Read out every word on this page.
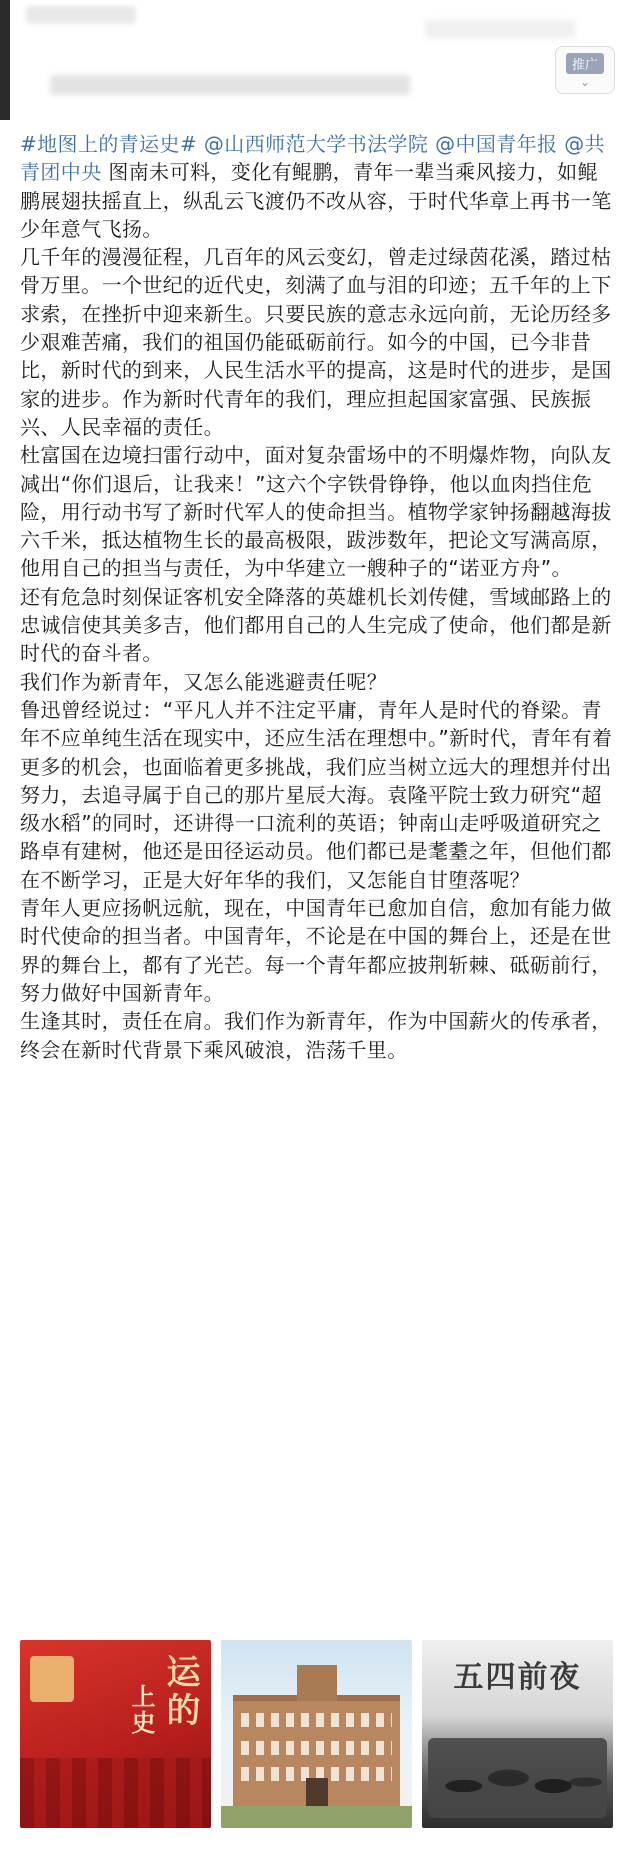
推广
⌄

#地图上的青运史# @山西师范大学书法学院 @中国青年报 @共青团中央 图南未可料，变化有鲲鹏，青年一辈当乘风接力，如鲲鹏展翅扶摇直上，纵乱云飞渡仍不改从容，于时代华章上再书一笔少年意气飞扬。

几千年的漫漫征程，几百年的风云变幻，曾走过绿茵花溪，踏过枯骨万里。一个世纪的近代史，刻满了血与泪的印迹；五千年的上下求索，在挫折中迎来新生。只要民族的意志永远向前，无论历经多少艰难苦痛，我们的祖国仍能砥砺前行。如今的中国，已今非昔比，新时代的到来，人民生活水平的提高，这是时代的进步，是国家的进步。作为新时代青年的我们，理应担起国家富强、民族振兴、人民幸福的责任。

杜富国在边境扫雷行动中，面对复杂雷场中的不明爆炸物，向队友减出“你们退后，让我来！”这六个字铁骨铮铮，他以血肉挡住危险，用行动书写了新时代军人的使命担当。植物学家钟扬翻越海拔六千米，抵达植物生长的最高极限，跋涉数年，把论文写满高原，他用自己的担当与责任，为中华建立一艘种子的“诺亚方舟”。

还有危急时刻保证客机安全降落的英雄机长刘传健，雪域邮路上的忠诚信使其美多吉，他们都用自己的人生完成了使命，他们都是新时代的奋斗者。

我们作为新青年，又怎么能逃避责任呢？

鲁迅曾经说过：“平凡人并不注定平庸，青年人是时代的脊梁。青年不应单纯生活在现实中，还应生活在理想中。”新时代，青年有着更多的机会，也面临着更多挑战，我们应当树立远大的理想并付出努力，去追寻属于自己的那片星辰大海。袁隆平院士致力研究“超级水稻”的同时，还讲得一口流利的英语；钟南山走呼吸道研究之路卓有建树，他还是田径运动员。他们都已是耄耋之年，但他们都在不断学习，正是大好年华的我们，又怎能自甘堕落呢？

青年人更应扬帆远航，现在，中国青年已愈加自信，愈加有能力做时代使命的担当者。中国青年，不论是在中国的舞台上，还是在世界的舞台上，都有了光芒。每一个青年都应披荆斩棘、砥砺前行，努力做好中国新青年。

生逢其时，责任在肩。我们作为新青年，作为中国薪火的传承者，终会在新时代背景下乘风破浪，浩荡千里。

上史 运的	五四前夜
